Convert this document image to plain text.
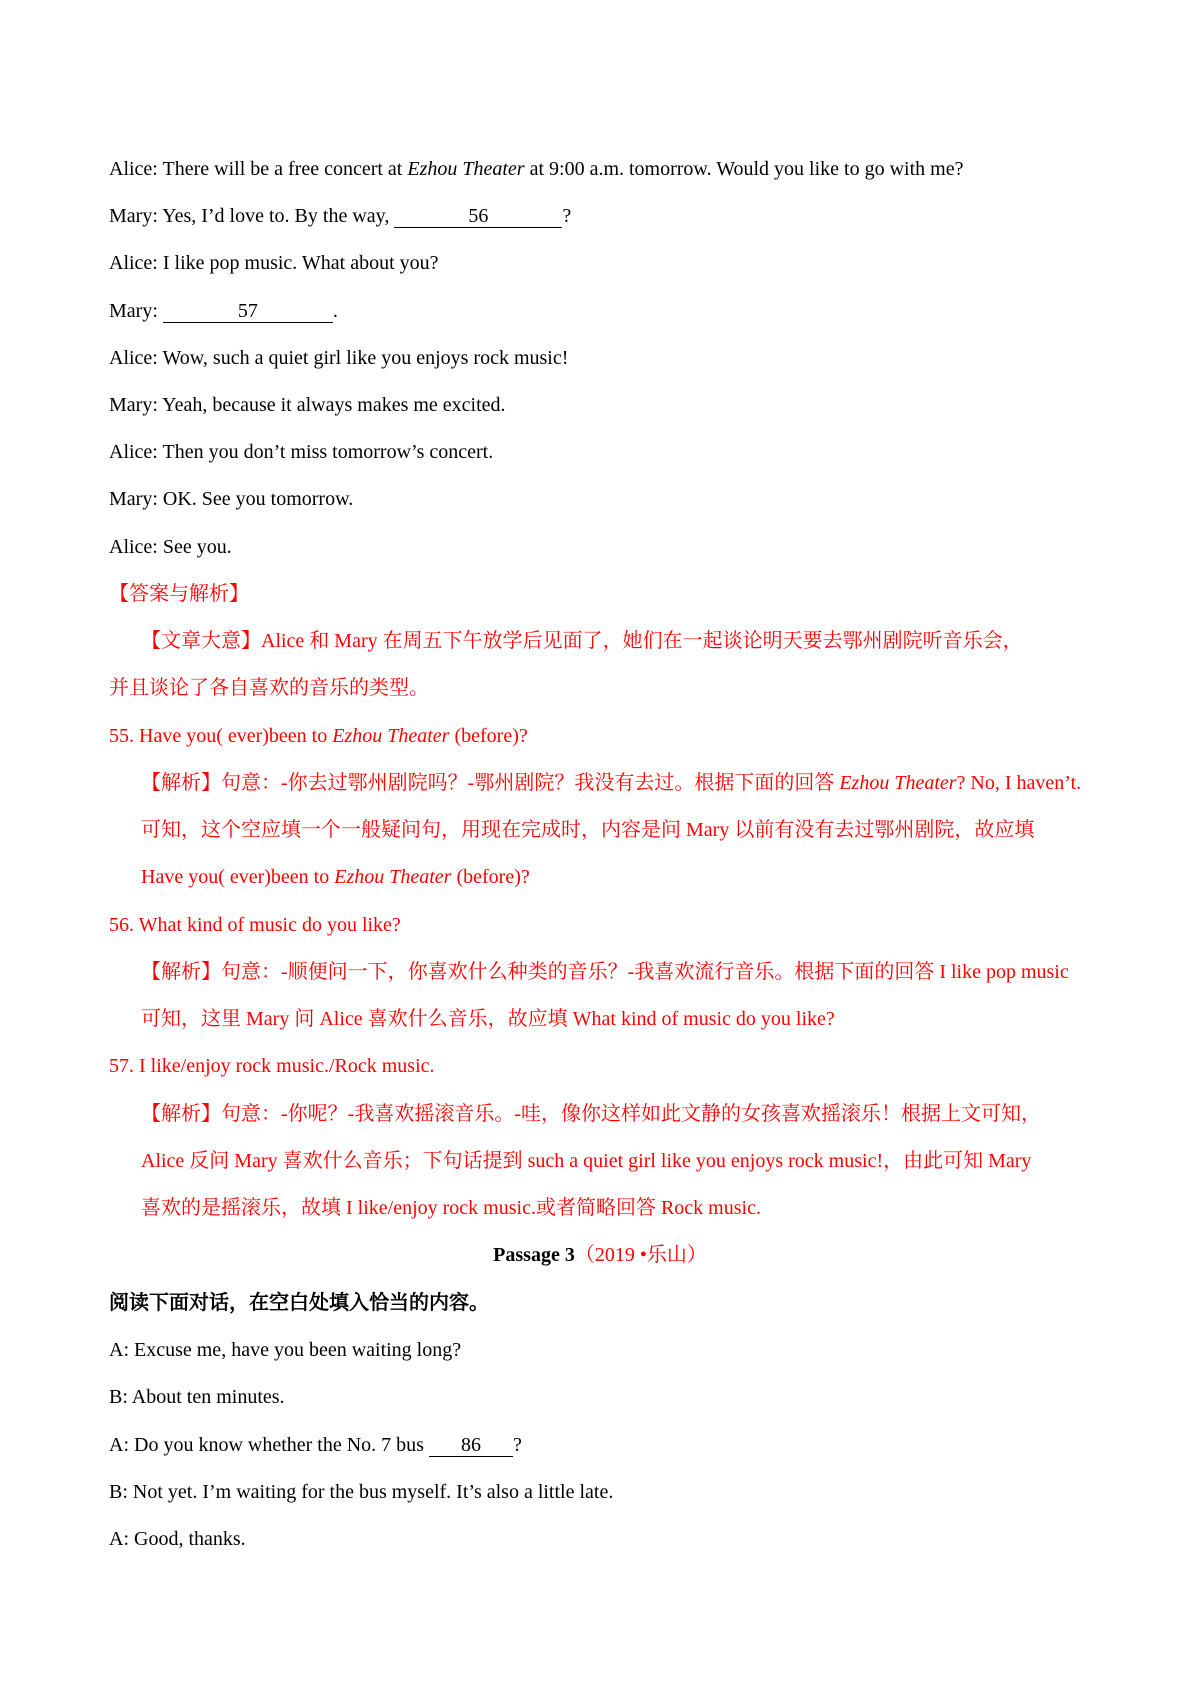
Alice: There will be a free concert at Ezhou Theater at 9:00 a.m. tomorrow. Would you like to go with me?
Mary: Yes, I’d love to. By the way,	56	?
Alice: I like pop music. What about you?
Mary:	57	.
Alice: Wow, such a quiet girl like you enjoys rock music!
Mary: Yeah, because it always makes me excited.
Alice: Then you don’t miss tomorrow’s concert.
Mary: OK. See you tomorrow.
Alice: See you.
【答案与解析】
【文章大意】Alice 和 Mary 在周五下午放学后见面了，她们在一起谈论明天要去鄂州剧院听音乐会，
并且谈论了各自喜欢的音乐的类型。
55. Have you( ever)been to Ezhou Theater (before)?
【解析】句意：-你去过鄂州剧院吗？-鄂州剧院？我没有去过。根据下面的回答 Ezhou Theater? No, I haven’t.
可知，这个空应填一个一般疑问句，用现在完成时，内容是问 Mary 以前有没有去过鄂州剧院，故应填
Have you( ever)been to Ezhou Theater (before)?
56. What kind of music do you like?
【解析】句意：-顺便问一下，你喜欢什么种类的音乐？-我喜欢流行音乐。根据下面的回答 I like pop music
可知，这里 Mary 问 Alice 喜欢什么音乐，故应填 What kind of music do you like?
57. I like/enjoy rock music./Rock music.
【解析】句意：-你呢？-我喜欢摇滚音乐。-哇，像你这样如此文静的女孩喜欢摇滚乐！根据上文可知，
Alice 反问 Mary 喜欢什么音乐；下句话提到 such a quiet girl like you enjoys rock music!，由此可知 Mary
喜欢的是摇滚乐，故填 I like/enjoy rock music.或者简略回答 Rock music.
Passage 3（2019 •乐山）
阅读下面对话，在空白处填入恰当的内容。
A: Excuse me, have you been waiting long?
B: About ten minutes.
A: Do you know whether the No. 7 bus 86 ?
B: Not yet. I’m waiting for the bus myself. It’s also a little late.
A: Good, thanks.
